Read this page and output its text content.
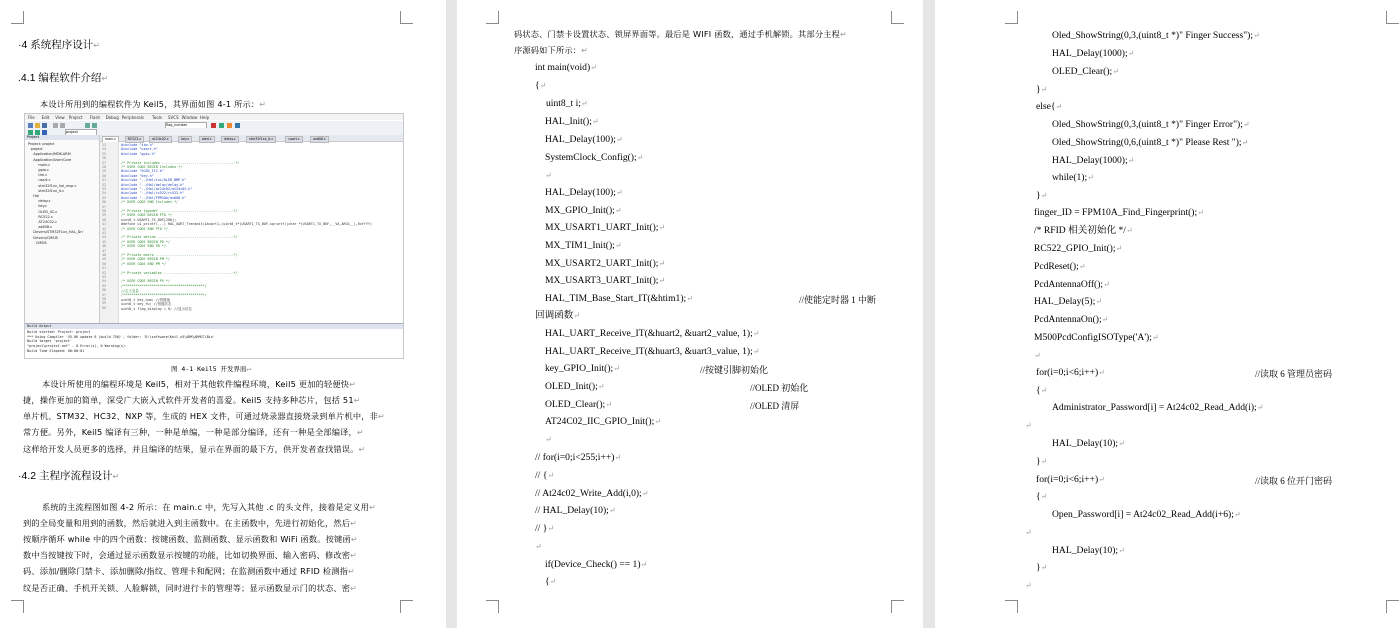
·4 系统程序设计↵
.4.1 编程软件介绍↵
本设计所用到的编程软件为 Keil5，其界面如图 4-1 所示：↵
图 4-1 Keil5 开发界面↵
本设计所使用的编程环境是 Keil5，相对于其他软件编程环境，Keil5 更加的轻便快↵
捷，操作更加的简单，深受广大嵌入式软件开发者的喜爱。Keil5 支持多种芯片，包括 51↵
单片机、STM32、HC32、NXP 等，生成的 HEX 文件，可通过烧录器直接烧录到单片机中，非↵
常方便。另外，Keil5 编译有三种，一种是单编，一种是部分编译，还有一种是全部编译，↵
这样给开发人员更多的选择，并且编译的结果，显示在界面的最下方，供开发者查找错误。↵
·4.2 主程序流程设计↵
系统的主流程图如图 4-2 所示：在 main.c 中，先写入其他 .c 的头文件，接着是定义用↵
到的全局变量和用到的函数，然后就进入到主函数中。在主函数中，先进行初始化，然后↵
按顺序循环 while 中的四个函数：按键函数、监测函数、显示函数和 WiFi 函数。按键函↵
数中当按键按下时，会通过显示函数显示按键的功能，比如切换界面、输入密码、修改密↵
码、添加/删除门禁卡、添加删除/指纹、管理卡和配网；在监测函数中通过 RFID 检测指↵
纹是否正确、手机开关锁、人脸解锁，同时进行卡的管理等；显示函数显示门的状态、密↵
File Edit View Project Flash Debug Peripherals Tools SVCS Window Help
flag_number
project
Project
Project: project
project
Application/MDK-ARM
Application/User/Core
main.c
gpio.c
tim.c
usart.c
stm32f1xx_hal_msp.c
stm32f1xx_it.c
Hal
delay.c
key.c
OLED_IIC.c
RC522.c
AT24C02.c
as608.c
Drivers/STM32F1xx_HAL_Dri
Drivers/CMSIS
CMSIS
main.c	RC522.c	at24c02.c	key.c	oled.c	delay.c	stm32f1xx_it.c	usart.c	as608.c
23	#include "tim.h"
24	#include "usart.h"
25	#include "gpio.h"
26
27	/* Private includes ------------------------------------*/
28	/* USER CODE BEGIN Includes */
29	#include "OLED_IIC.h"
30	#include "key.h"
31	#include "../Hal/inc/OLED_BMP.h"
32	#include "../Hal/delay/delay.h"
33	#include "../Hal/at24c02/at24c02.h"
34	#include "../Hal/rc522/rc522.h"
35	#include "../Hal/FPM10A/as608.h"
36	/* USER CODE END Includes */
37
38	/* Private typedef ------------------------------------*/
39	/* USER CODE BEGIN PTD */
40	uint8_t USART1_TX_BUF[200];
41	#define u1_printf(...) HAL_UART_Transmit(&huart1,(uint8_t*)USART1_TX_BUF,sprintf((char *)USART1_TX_BUF,__VA_ARGS__),0xffff)
42	/* USER CODE END PTD */
43
44	/* Private define -------------------------------------*/
45	/* USER CODE BEGIN PD */
46	/* USER CODE END PD */
47
48	/* Private macro --------------------------------------*/
49	/* USER CODE BEGIN PM */
50	/* USER CODE END PM */
51
52	/* Private variables ----------------------------------*/
53
54	/* USER CODE BEGIN PV */
55	/****************************************/
56	//定义变量
57	/****************************************/
58	uint8_t key_num; //按键值
59	uint8_t key_fw; //按键状态
60	uint8_t flag_display = 0; //显示状态
Build Output
Build started: Project: project
*** Using Compiler 'V5.06 update 6 (build 750)', folder: 'D:\software\Keil_v5\ARM\ARMCC\Bin'
Build target 'project'
"project\project.axf" - 0 Error(s), 0 Warning(s).
Build Time Elapsed: 00:00:01
码状态、门禁卡设置状态、锁屏界面等。最后是 WIFI 函数，通过手机解锁。其部分主程↵
序源码如下所示：↵
int main(void)↵
{↵
uint8_t i;↵
HAL_Init();↵
HAL_Delay(100);↵
SystemClock_Config();↵
↵
HAL_Delay(100);↵
MX_GPIO_Init();↵
MX_USART1_UART_Init();↵
MX_TIM1_Init();↵
MX_USART2_UART_Init();↵
MX_USART3_UART_Init();↵
HAL_TIM_Base_Start_IT(&htim1);↵
回调函数↵
HAL_UART_Receive_IT(&huart2, &uart2_value, 1);↵
HAL_UART_Receive_IT(&huart3, &uart3_value, 1);↵
key_GPIO_Init();↵
OLED_Init();↵
OLED_Clear();↵
AT24C02_IIC_GPIO_Init();↵
↵
// for(i=0;i<255;i++)↵
// {↵
// At24c02_Write_Add(i,0);↵
// HAL_Delay(10);↵
// }↵
↵
if(Device_Check() == 1)↵
{↵
//使能定时器 1 中断
//按键引脚初始化
//OLED 初始化
//OLED 清屏
Oled_ShowString(0,3,(uint8_t *)" Finger Success");↵
HAL_Delay(1000);↵
OLED_Clear();↵
}↵
else{↵
Oled_ShowString(0,3,(uint8_t *)" Finger Error");↵
Oled_ShowString(0,6,(uint8_t *)" Please Rest ");↵
HAL_Delay(1000);↵
while(1);↵
}↵
finger_ID = FPM10A_Find_Fingerprint();↵
/* RFID 相关初始化 */↵
RC522_GPIO_Init();↵
PcdReset();↵
PcdAntennaOff();↵
HAL_Delay(5);↵
PcdAntennaOn();↵
M500PcdConfigISOType('A');↵
↵
for(i=0;i<6;i++)↵
{↵
Administrator_Password[i] = At24c02_Read_Add(i);↵
↵
HAL_Delay(10);↵
}↵
for(i=0;i<6;i++)↵
{↵
Open_Password[i] = At24c02_Read_Add(i+6);↵
↵
HAL_Delay(10);↵
}↵
↵
//读取 6 管理员密码
//读取 6 位开门密码
